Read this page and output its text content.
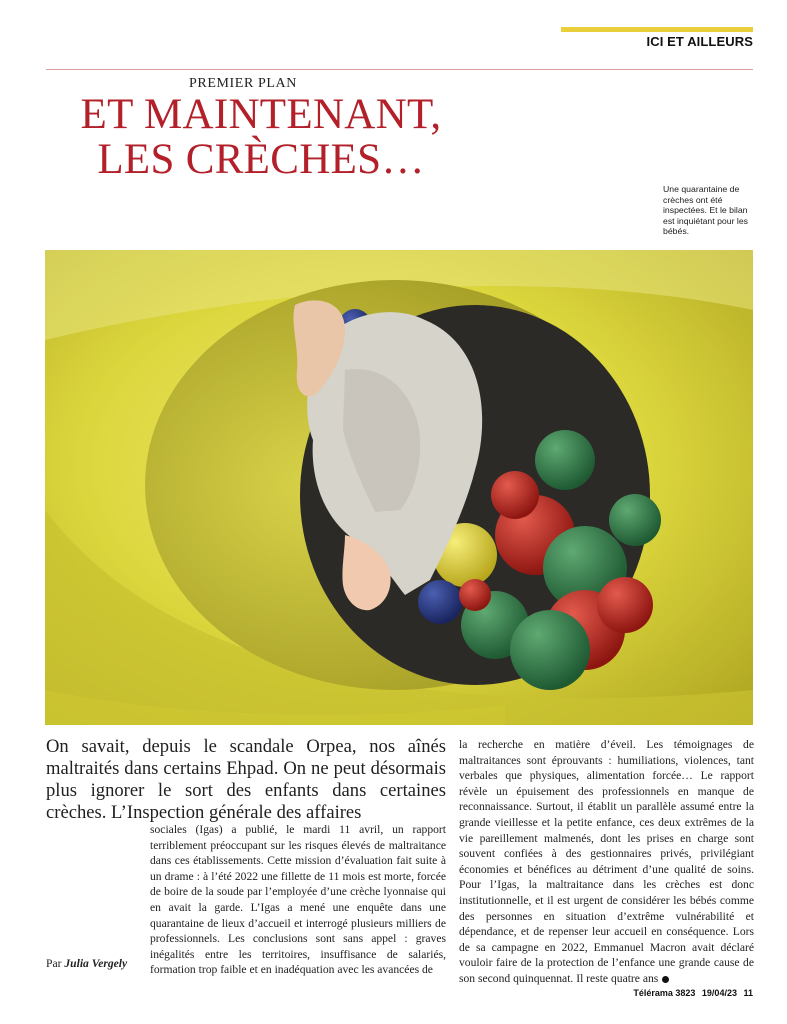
ICI ET AILLEURS
PREMIER PLAN
ET MAINTENANT,
LES CRÈCHES…
Une quarantaine de crèches ont été inspectées. Et le bilan est inquiétant pour les bébés.

On savait, depuis le scandale Orpea, nos aînés maltraités dans certains Ehpad. On ne peut désormais plus ignorer le sort des enfants dans certaines crèches. L’Inspection générale des affaires

sociales (Igas) a publié, le mardi 11 avril, un rapport terriblement préoccupant sur les risques élevés de maltraitance dans ces établissements. Cette mission d’évaluation fait suite à un drame : à l’été 2022 une fillette de 11 mois est morte, forcée de boire de la soude par l’employée d’une crèche lyonnaise qui en avait la garde. L’Igas a mené une enquête dans une quarantaine de lieux d’accueil et interrogé plusieurs milliers de professionnels. Les conclusions sont sans appel : graves inégalités entre les territoires, insuffisance de salariés, formation trop faible et en inadéquation avec les avancées de

la recherche en matière d’éveil. Les témoignages de maltraitances sont éprouvants : humiliations, violences, tant verbales que physiques, alimentation forcée… Le rapport révèle un épuisement des professionnels en manque de reconnaissance. Surtout, il établit un parallèle assumé entre la grande vieillesse et la petite enfance, ces deux extrêmes de la vie pareillement malmenés, dont les prises en charge sont souvent confiées à des gestionnaires privés, privilégiant économies et bénéfices au détriment d’une qualité de soins. Pour l’Igas, la maltraitance dans les crèches est donc institutionnelle, et il est urgent de considérer les bébés comme des personnes en situation d’extrême vulnérabilité et dépendance, et de repenser leur accueil en conséquence. Lors de sa campagne en 2022, Emmanuel Macron avait déclaré vouloir faire de la protection de l’enfance une grande cause de son second quinquennat. Il reste quatre ans

Par Julia Vergely
Télérama 3823 19/04/23 11
